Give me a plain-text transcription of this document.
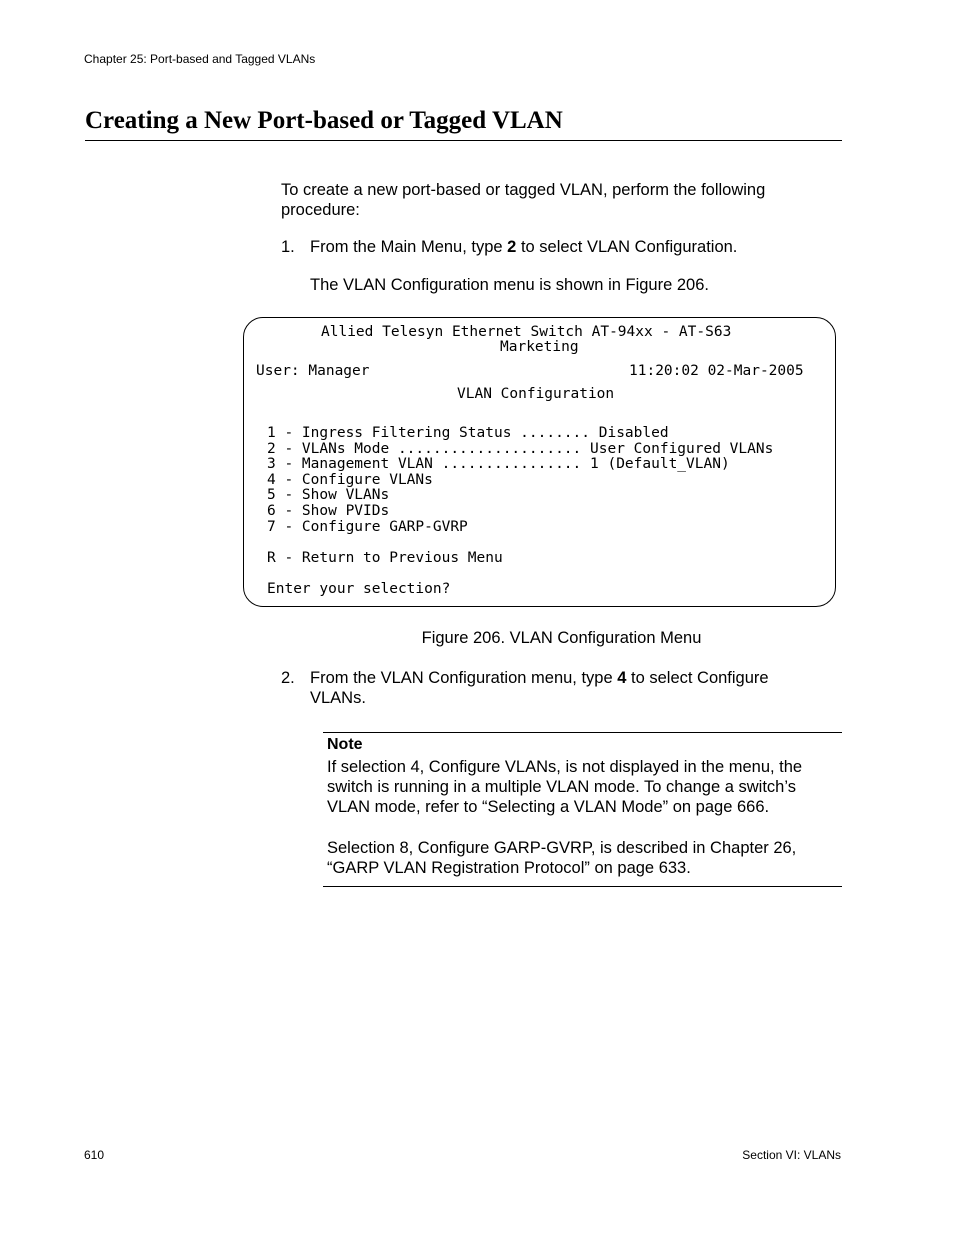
Chapter 25: Port-based and Tagged VLANs
Creating a New Port-based or Tagged VLAN
To create a new port-based or tagged VLAN, perform the following procedure:
1. From the Main Menu, type 2 to select VLAN Configuration.
The VLAN Configuration menu is shown in Figure 206.
Allied Telesyn Ethernet Switch AT-94xx - AT-S63
Marketing
User: Manager	11:20:02 02-Mar-2005
VLAN Configuration
1 - Ingress Filtering Status ........ Disabled
2 - VLANs Mode ..................... User Configured VLANs
3 - Management VLAN ................ 1 (Default_VLAN)
4 - Configure VLANs
5 - Show VLANs
6 - Show PVIDs
7 - Configure GARP-GVRP
R - Return to Previous Menu
Enter your selection?
Figure 206. VLAN Configuration Menu
2. From the VLAN Configuration menu, type 4 to select Configure VLANs.
Note
If selection 4, Configure VLANs, is not displayed in the menu, the switch is running in a multiple VLAN mode. To change a switch’s VLAN mode, refer to “Selecting a VLAN Mode” on page 666.
Selection 8, Configure GARP-GVRP, is described in Chapter 26, “GARP VLAN Registration Protocol” on page 633.
610	Section VI: VLANs
